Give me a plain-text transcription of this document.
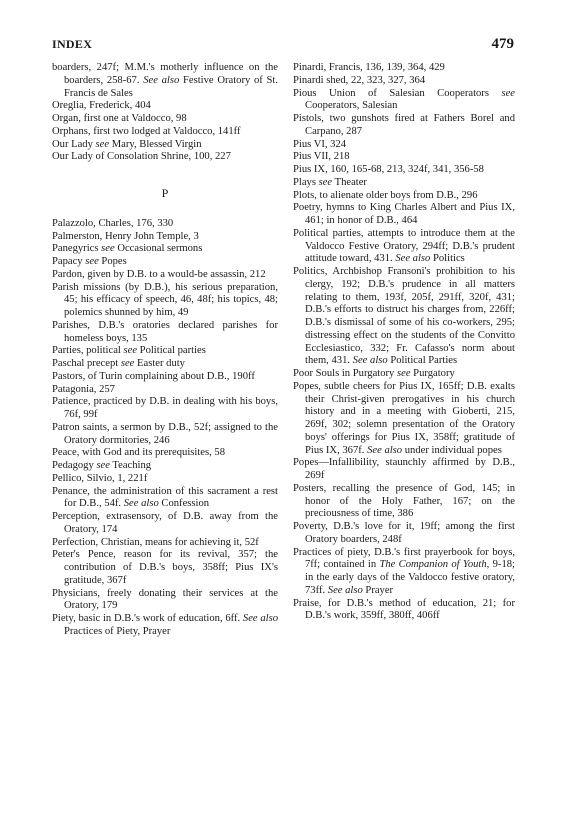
INDEX	479
boarders, 247f; M.M.'s motherly influence on the boarders, 258-67. See also Festive Oratory of St. Francis de Sales
Oreglia, Frederick, 404
Organ, first one at Valdocco, 98
Orphans, first two lodged at Valdocco, 141ff
Our Lady see Mary, Blessed Virgin
Our Lady of Consolation Shrine, 100, 227
P
Palazzolo, Charles, 176, 330
Palmerston, Henry John Temple, 3
Panegyrics see Occasional sermons
Papacy see Popes
Pardon, given by D.B. to a would-be assassin, 212
Parish missions (by D.B.), his serious preparation, 45; his efficacy of speech, 46, 48f; his topics, 48; polemics shunned by him, 49
Parishes, D.B.'s oratories declared parishes for homeless boys, 135
Parties, political see Political parties
Paschal precept see Easter duty
Pastors, of Turin complaining about D.B., 190ff
Patagonia, 257
Patience, practiced by D.B. in dealing with his boys, 76f, 99f
Patron saints, a sermon by D.B., 52f; assigned to the Oratory dormitories, 246
Peace, with God and its prerequisites, 58
Pedagogy see Teaching
Pellico, Silvio, 1, 221f
Penance, the administration of this sacrament a rest for D.B., 54f. See also Confession
Perception, extrasensory, of D.B. away from the Oratory, 174
Perfection, Christian, means for achieving it, 52f
Peter's Pence, reason for its revival, 357; the contribution of D.B.'s boys, 358ff; Pius IX's gratitude, 367f
Physicians, freely donating their services at the Oratory, 179
Piety, basic in D.B.'s work of education, 6ff. See also Practices of Piety, Prayer
Pinardi, Francis, 136, 139, 364, 429
Pinardi shed, 22, 323, 327, 364
Pious Union of Salesian Cooperators see Cooperators, Salesian
Pistols, two gunshots fired at Fathers Borel and Carpano, 287
Pius VI, 324
Pius VII, 218
Pius IX, 160, 165-68, 213, 324f, 341, 356-58
Plays see Theater
Plots, to alienate older boys from D.B., 296
Poetry, hymns to King Charles Albert and Pius IX, 461; in honor of D.B., 464
Political parties, attempts to introduce them at the Valdocco Festive Oratory, 294ff; D.B.'s prudent attitude toward, 431. See also Politics
Politics, Archbishop Fransoni's prohibition to his clergy, 192; D.B.'s prudence in all matters relating to them, 193f, 205f, 291ff, 320f, 431; D.B.'s efforts to distruct his charges from, 226ff; D.B.'s dismissal of some of his co-workers, 295; distressing effect on the students of the Convitto Ecclesiastico, 332; Fr. Cafasso's norm about them, 431. See also Political Parties
Poor Souls in Purgatory see Purgatory
Popes, subtle cheers for Pius IX, 165ff; D.B. exalts their Christ-given prerogatives in his church history and in a meeting with Gioberti, 215, 269f, 302; solemn presentation of the Oratory boys' offerings for Pius IX, 358ff; gratitude of Pius IX, 367f. See also under individual popes
Popes—Infallibility, staunchly affirmed by D.B., 269f
Posters, recalling the presence of God, 145; in honor of the Holy Father, 167; on the preciousness of time, 386
Poverty, D.B.'s love for it, 19ff; among the first Oratory boarders, 248f
Practices of piety, D.B.'s first prayerbook for boys, 7ff; contained in The Companion of Youth, 9-18; in the early days of the Valdocco festive oratory, 73ff. See also Prayer
Praise, for D.B.'s method of education, 21; for D.B.'s work, 359ff, 380ff, 406ff
